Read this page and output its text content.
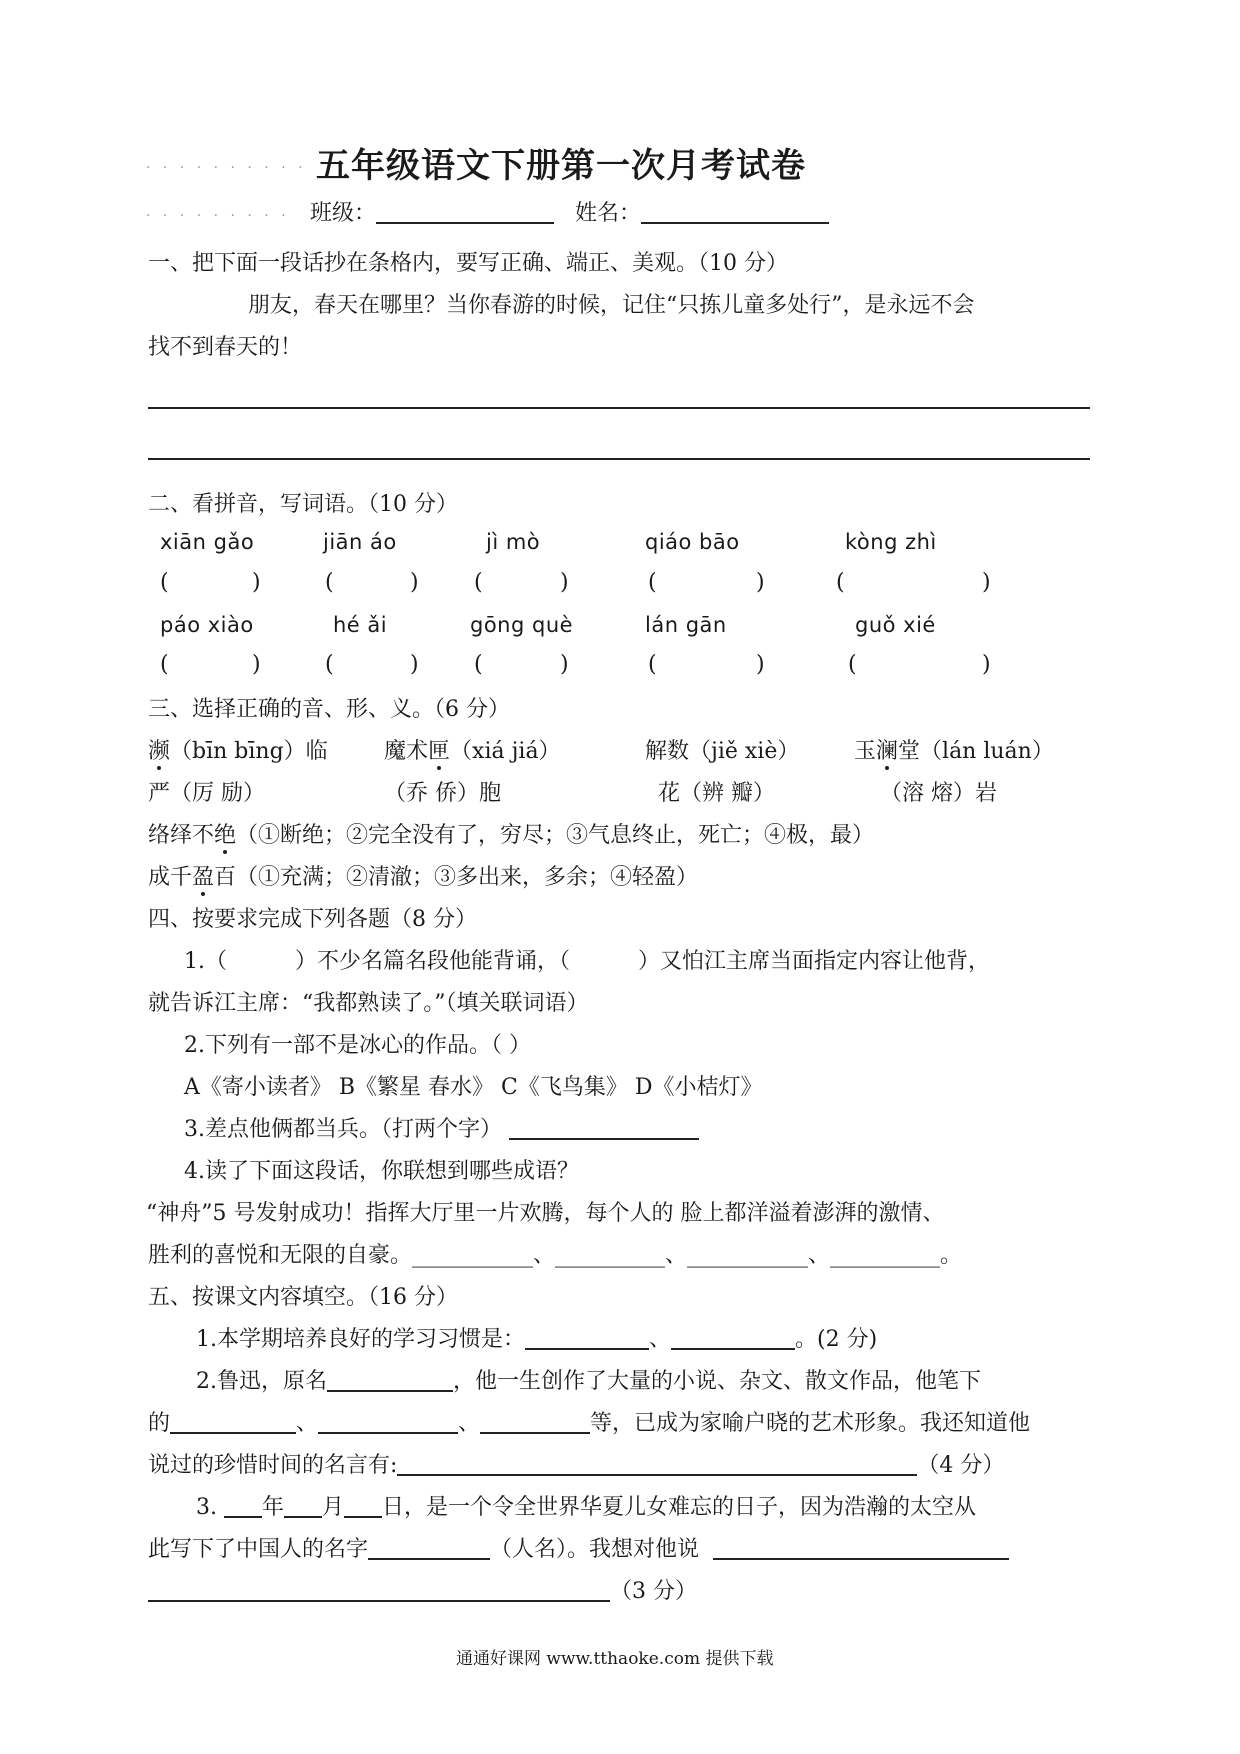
· · · · · · · · · ·
· · · · · · · · ·
五年级语文下册第一次月考试卷
班级：	姓名：
一、把下面一段话抄在条格内，要写正确、端正、美观。（10 分）
朋友，春天在哪里？当你春游的时候，记住“只拣儿童多处行”，是永远不会
找不到春天的！
二、看拼音，写词语。（10 分）
xiān gǎo	jiān áo	jì mò	qiáo bāo	kòng zhì
(	)	(	)	(	)	(	)	(	)
páo xiào	hé ǎi	gōng què	lán gān	guǒ xié
(	)	(	)	(	)	(	)	(	)
三、选择正确的音、形、义。（6 分）
濒（bīn bīng）临	魔术匣（xiá jiá）	解数（jiě xiè） 玉澜堂（lán luán）
严（厉 励）	（乔 侨）胞	花（辨 瓣）	（溶 熔）岩
络绎不绝（①断绝；②完全没有了，穷尽；③气息终止，死亡；④极，最）
成千盈百（①充满；②清澈；③多出来，多余；④轻盈）
四、按要求完成下列各题（8 分）
1.（	）不少名篇名段他能背诵，（	）又怕江主席当面指定内容让他背，
就告诉江主席：“我都熟读了。”（填关联词语）
2.下列有一部不是冰心的作品。（ ）
A《寄小读者》 B《繁星 春水》 C《飞鸟集》 D《小桔灯》
3.差点他俩都当兵。（打两个字）
4.读了下面这段话，你联想到哪些成语？
“神舟”5 号发射成功！指挥大厅里一片欢腾，每个人的 脸上都洋溢着澎湃的激情、
胜利的喜悦和无限的自豪。___________、__________、___________、__________。
五、按课文内容填空。（16 分）
1.本学期培养良好的学习习惯是：	、	。(2 分)
2.鲁迅，原名	，他一生创作了大量的小说、杂文、散文作品，他笔下
的	、	、	等，已成为家喻户晓的艺术形象。我还知道他
说过的珍惜时间的名言有:	（4 分）
3. 年 月 日，是一个令全世界华夏儿女难忘的日子，因为浩瀚的太空从
此写下了中国人的名字	（人名）。我想对他说
（3 分）
通通好课网 www.tthaoke.com 提供下载
